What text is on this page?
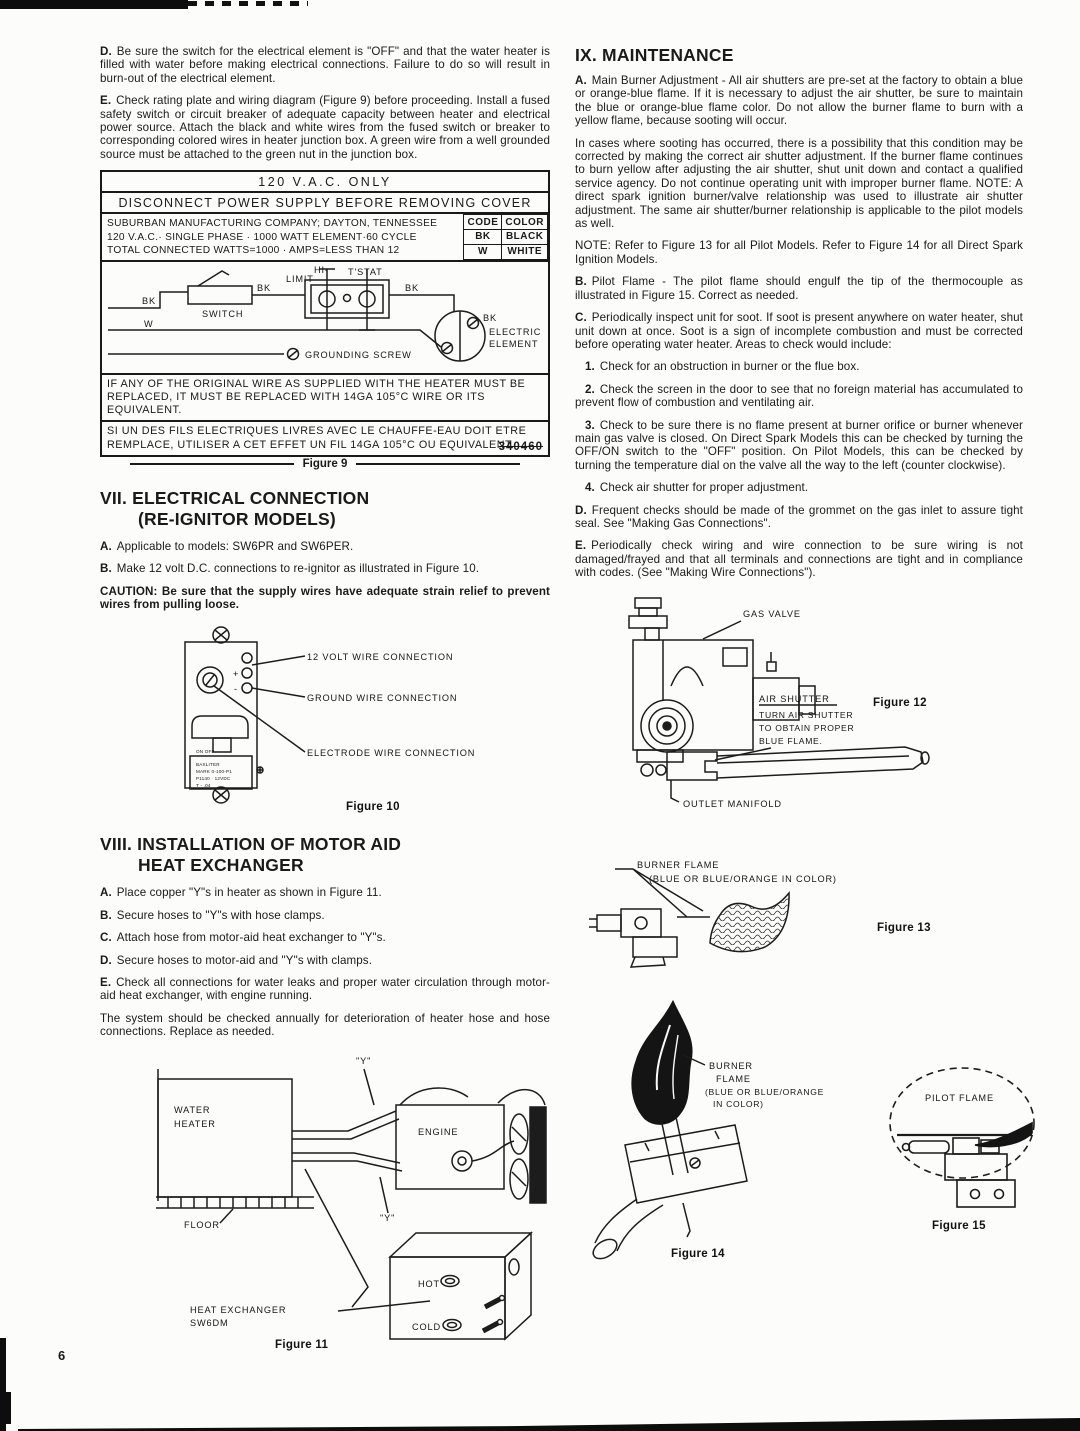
D. Be sure the switch for the electrical element is "OFF" and that the water heater is filled with water before making electrical connections. Failure to do so will result in burn-out of the electrical element.

E. Check rating plate and wiring diagram (Figure 9) before proceeding. Install a fused safety switch or circuit breaker of adequate capacity between heater and electrical power source. Attach the black and white wires from the fused switch or breaker to corresponding colored wires in heater junction box. A green wire from a well grounded source must be attached to the green nut in the junction box.

120 V.A.C. ONLY
DISCONNECT POWER SUPPLY BEFORE REMOVING COVER
SUBURBAN MANUFACTURING COMPANY; DAYTON, TENNESSEE
120 V.A.C.· SINGLE PHASE · 1000 WATT ELEMENT·60 CYCLE
TOTAL CONNECTED WATTS=1000 · AMPS=LESS THAN 12
CODE	COLOR
BK	BLACK
W	WHITE
BK
SWITCH
BK
HI-
LIMIT
T'STAT
BK
BK
ELECTRIC
ELEMENT
W
GROUNDING SCREW
IF ANY OF THE ORIGINAL WIRE AS SUPPLIED WITH THE HEATER MUST BE REPLACED, IT MUST BE REPLACED WITH 14GA 105°C WIRE OR ITS EQUIVALENT.
SI UN DES FILS ELECTRIQUES LIVRES AVEC LE CHAUFFE-EAU DOIT ETRE REMPLACE, UTILISER A CET EFFET UN FIL 14GA 105°C OU EQUIVALENT.
340460
Figure 9
VII. ELECTRICAL CONNECTION
(RE-IGNITOR MODELS)

A. Applicable to models: SW6PR and SW6PER.

B. Make 12 volt D.C. connections to re-ignitor as illustrated in Figure 10.

CAUTION: Be sure that the supply wires have adequate strain relief to prevent wires from pulling loose.

+
-
ON OFF
BAXLITER
MARK 0-100-P1
P1140 · 12VDC
T - .04
12 VOLT WIRE CONNECTION
GROUND WIRE CONNECTION
ELECTRODE WIRE CONNECTION
Figure 10
VIII. INSTALLATION OF MOTOR AID
HEAT EXCHANGER

A. Place copper "Y"s in heater as shown in Figure 11.

B. Secure hoses to "Y"s with hose clamps.

C. Attach hose from motor-aid heat exchanger to "Y"s.

D. Secure hoses to motor-aid and "Y"s with clamps.

E. Check all connections for water leaks and proper water circulation through motor-aid heat exchanger, with engine running.

The system should be checked annually for deterioration of heater hose and hose connections. Replace as needed.

"Y"
WATER
HEATER
ENGINE
FLOOR
"Y"
HEAT EXCHANGER
SW6DM
HOT
COLD
Figure 11
IX. MAINTENANCE

A. Main Burner Adjustment - All air shutters are pre-set at the factory to obtain a blue or orange-blue flame. If it is necessary to adjust the air shutter, be sure to maintain the blue or orange-blue flame color. Do not allow the burner flame to burn with a yellow flame, because sooting will occur.

In cases where sooting has occurred, there is a possibility that this condition may be corrected by making the correct air shutter adjustment. If the burner flame continues to burn yellow after adjusting the air shutter, shut unit down and contact a qualified service agency. Do not continue operating unit with improper burner flame. NOTE: A direct spark ignition burner/valve relationship was used to illustrate air shutter adjustment. The same air shutter/burner relationship is applicable to the pilot models as well.

NOTE: Refer to Figure 13 for all Pilot Models. Refer to Figure 14 for all Direct Spark Ignition Models.

B. Pilot Flame - The pilot flame should engulf the tip of the thermocouple as illustrated in Figure 15. Correct as needed.

C. Periodically inspect unit for soot. If soot is present anywhere on water heater, shut unit down at once. Soot is a sign of incomplete combustion and must be corrected before operating water heater. Areas to check would include:

1. Check for an obstruction in burner or the flue box.

2. Check the screen in the door to see that no foreign material has accumulated to prevent flow of combustion and ventilating air.

3. Check to be sure there is no flame present at burner orifice or burner whenever main gas valve is closed. On Direct Spark Models this can be checked by turning the OFF/ON switch to the "OFF" position. On Pilot Models, this can be checked by turning the temperature dial on the valve all the way to the left (counter clockwise).

4. Check air shutter for proper adjustment.

D. Frequent checks should be made of the grommet on the gas inlet to assure tight seal. See "Making Gas Connections".

E. Periodically check wiring and wire connection to be sure wiring is not damaged/frayed and that all terminals and connections are tight and in compliance with codes. (See "Making Wire Connections").

GAS VALVE
AIR SHUTTER
TURN AIR SHUTTER
TO OBTAIN PROPER
BLUE FLAME.
OUTLET MANIFOLD
Figure 12
BURNER FLAME
(BLUE OR BLUE/ORANGE IN COLOR)
Figure 13
BURNER
FLAME
(BLUE OR BLUE/ORANGE
IN COLOR)
Figure 14
PILOT FLAME
Figure 15
6
